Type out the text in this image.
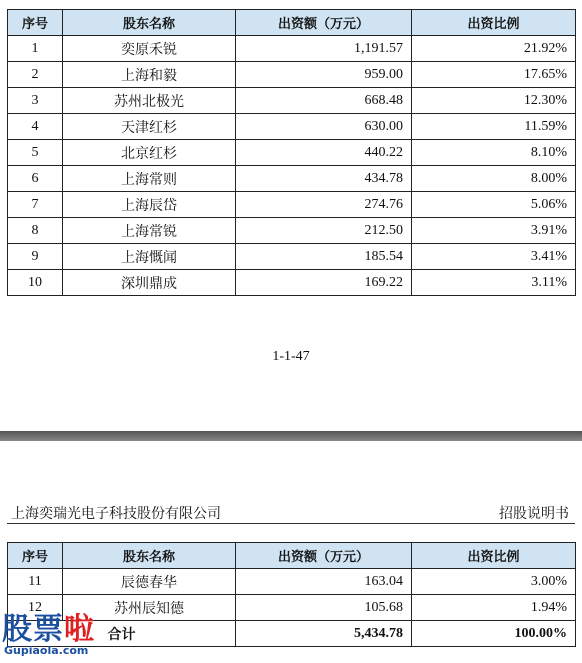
序号	股东名称	出资额（万元）	出资比例
1	奕原禾锐	1,191.57	21.92%
2	上海和毅	959.00	17.65%
3	苏州北极光	668.48	12.30%
4	天津红杉	630.00	11.59%
5	北京红杉	440.22	8.10%
6	上海常则	434.78	8.00%
7	上海辰岱	274.76	5.06%
8	上海常锐	212.50	3.91%
9	上海慨闻	185.54	3.41%
10	深圳鼎成	169.22	3.11%
1-1-47
上海奕瑞光电子科技股份有限公司	招股说明书
序号	股东名称	出资额（万元）	出资比例
11	辰德春华	163.04	3.00%
12	苏州辰知德	105.68	1.94%
合计		5,434.78	100.00%
股票啦
Gupiaola.com
